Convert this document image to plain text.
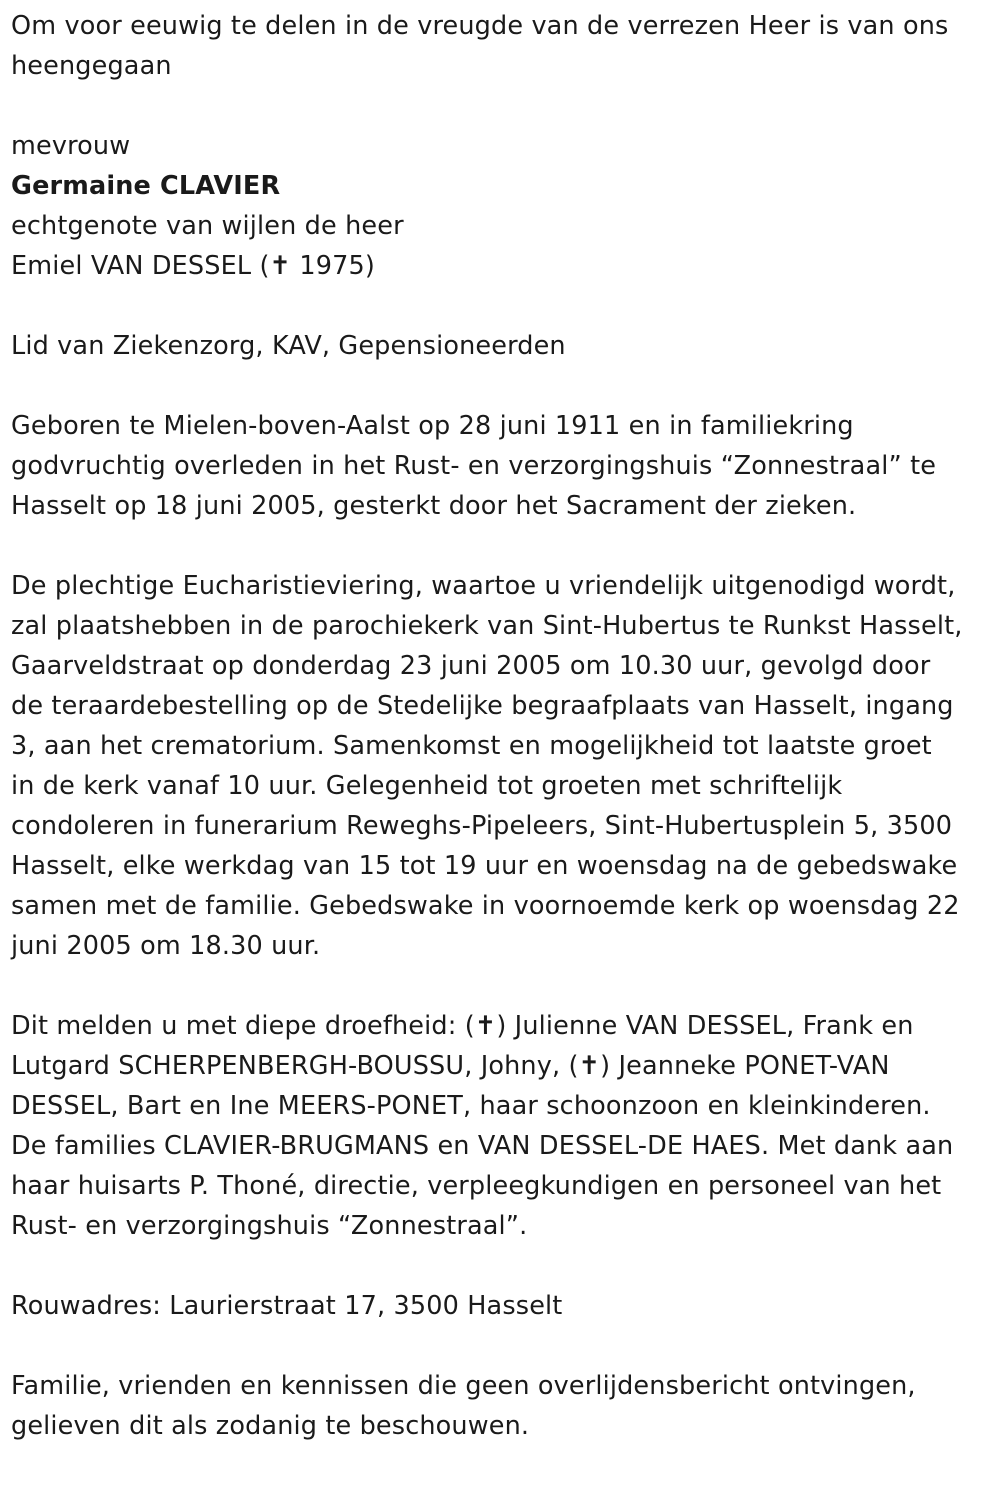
Om voor eeuwig te delen in de vreugde van de verrezen Heer is van ons
heengegaan
mevrouw
Germaine CLAVIER
echtgenote van wijlen de heer
Emiel VAN DESSEL (✝ 1975)
Lid van Ziekenzorg, KAV, Gepensioneerden
Geboren te Mielen-boven-Aalst op 28 juni 1911 en in familiekring
godvruchtig overleden in het Rust- en verzorgingshuis “Zonnestraal” te
Hasselt op 18 juni 2005, gesterkt door het Sacrament der zieken.
De plechtige Eucharistieviering, waartoe u vriendelijk uitgenodigd wordt,
zal plaatshebben in de parochiekerk van Sint-Hubertus te Runkst Hasselt,
Gaarveldstraat op donderdag 23 juni 2005 om 10.30 uur, gevolgd door
de teraardebestelling op de Stedelijke begraafplaats van Hasselt, ingang
3, aan het crematorium. Samenkomst en mogelijkheid tot laatste groet
in de kerk vanaf 10 uur. Gelegenheid tot groeten met schriftelijk
condoleren in funerarium Reweghs-Pipeleers, Sint-Hubertusplein 5, 3500
Hasselt, elke werkdag van 15 tot 19 uur en woensdag na de gebedswake
samen met de familie. Gebedswake in voornoemde kerk op woensdag 22
juni 2005 om 18.30 uur.
Dit melden u met diepe droefheid: (✝) Julienne VAN DESSEL, Frank en
Lutgard SCHERPENBERGH-BOUSSU, Johny, (✝) Jeanneke PONET-VAN
DESSEL, Bart en Ine MEERS-PONET, haar schoonzoon en kleinkinderen.
De families CLAVIER-BRUGMANS en VAN DESSEL-DE HAES. Met dank aan
haar huisarts P. Thoné, directie, verpleegkundigen en personeel van het
Rust- en verzorgingshuis “Zonnestraal”.
Rouwadres: Laurierstraat 17, 3500 Hasselt
Familie, vrienden en kennissen die geen overlijdensbericht ontvingen,
gelieven dit als zodanig te beschouwen.
